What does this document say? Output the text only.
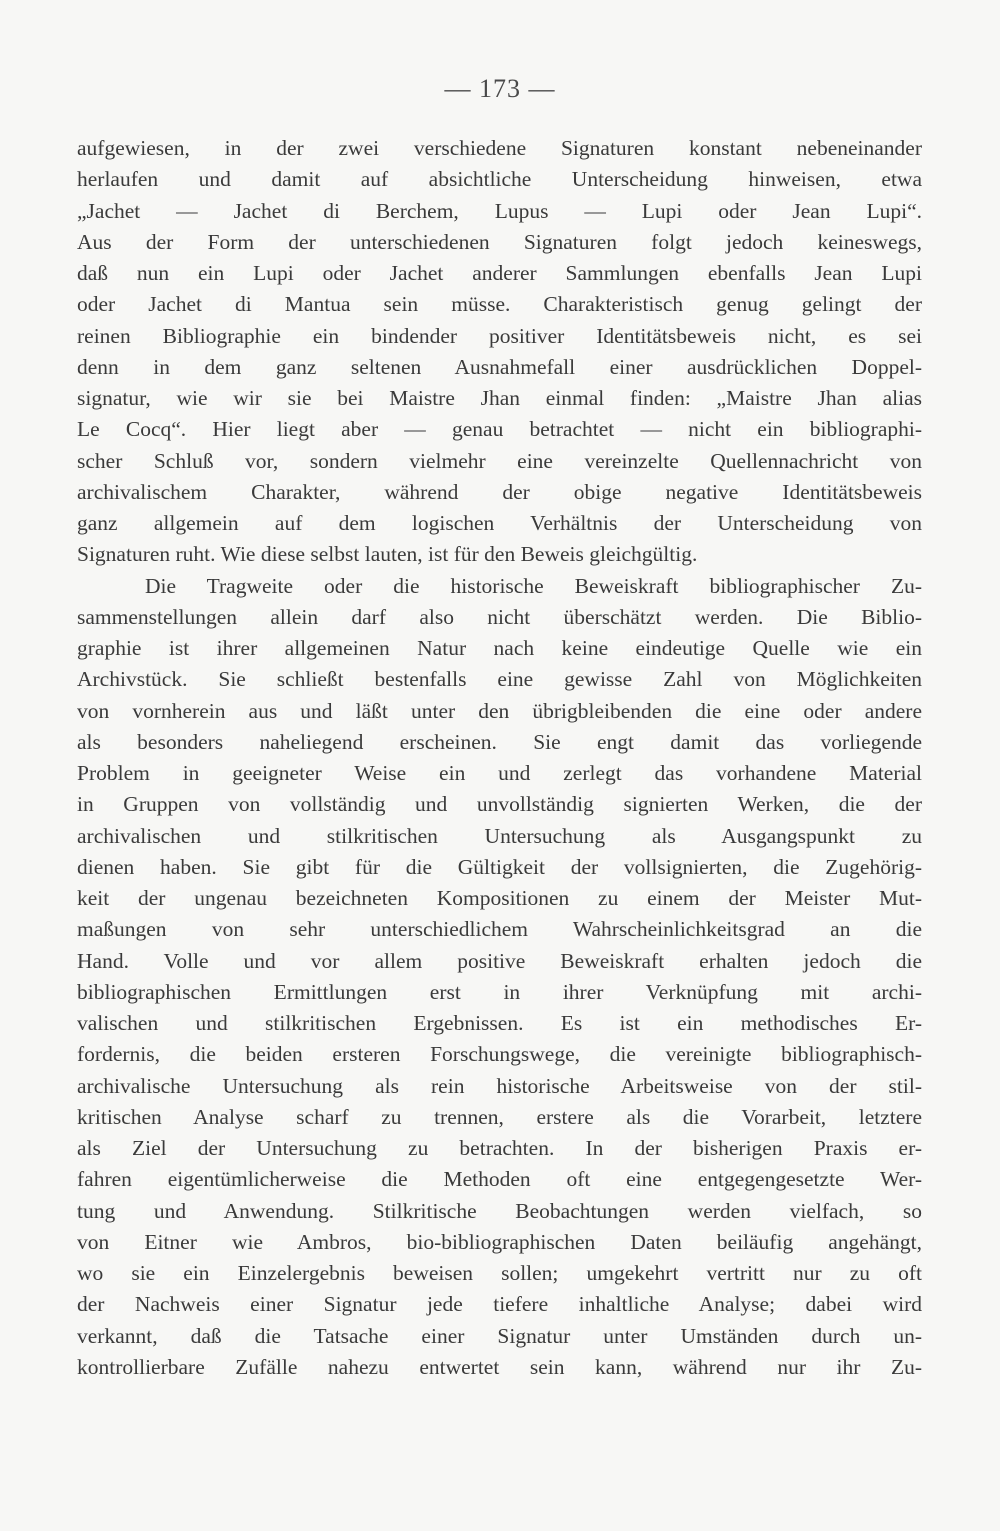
— 173 —
aufgewiesen, in der zwei verschiedene Signaturen konstant nebeneinander
herlaufen und damit auf absichtliche Unterscheidung hinweisen, etwa
„Jachet — Jachet di Berchem, Lupus — Lupi oder Jean Lupi“.
Aus der Form der unterschiedenen Signaturen folgt jedoch keineswegs,
daß nun ein Lupi oder Jachet anderer Sammlungen ebenfalls Jean Lupi
oder Jachet di Mantua sein müsse. Charakteristisch genug gelingt der
reinen Bibliographie ein bindender positiver Identitätsbeweis nicht, es sei
denn in dem ganz seltenen Ausnahmefall einer ausdrücklichen Doppel-
signatur, wie wir sie bei Maistre Jhan einmal finden: „Maistre Jhan alias
Le Cocq“. Hier liegt aber — genau betrachtet — nicht ein bibliographi-
scher Schluß vor, sondern vielmehr eine vereinzelte Quellennachricht von
archivalischem Charakter, während der obige negative Identitätsbeweis
ganz allgemein auf dem logischen Verhältnis der Unterscheidung von
Signaturen ruht. Wie diese selbst lauten, ist für den Beweis gleichgültig.
Die Tragweite oder die historische Beweiskraft bibliographischer Zu-
sammenstellungen allein darf also nicht überschätzt werden. Die Biblio-
graphie ist ihrer allgemeinen Natur nach keine eindeutige Quelle wie ein
Archivstück. Sie schließt bestenfalls eine gewisse Zahl von Möglichkeiten
von vornherein aus und läßt unter den übrigbleibenden die eine oder andere
als besonders naheliegend erscheinen. Sie engt damit das vorliegende
Problem in geeigneter Weise ein und zerlegt das vorhandene Material
in Gruppen von vollständig und unvollständig signierten Werken, die der
archivalischen und stilkritischen Untersuchung als Ausgangspunkt zu
dienen haben. Sie gibt für die Gültigkeit der vollsignierten, die Zugehörig-
keit der ungenau bezeichneten Kompositionen zu einem der Meister Mut-
maßungen von sehr unterschiedlichem Wahrscheinlichkeitsgrad an die
Hand. Volle und vor allem positive Beweiskraft erhalten jedoch die
bibliographischen Ermittlungen erst in ihrer Verknüpfung mit archi-
valischen und stilkritischen Ergebnissen. Es ist ein methodisches Er-
fordernis, die beiden ersteren Forschungswege, die vereinigte bibliographisch-
archivalische Untersuchung als rein historische Arbeitsweise von der stil-
kritischen Analyse scharf zu trennen, erstere als die Vorarbeit, letztere
als Ziel der Untersuchung zu betrachten. In der bisherigen Praxis er-
fahren eigentümlicherweise die Methoden oft eine entgegengesetzte Wer-
tung und Anwendung. Stilkritische Beobachtungen werden vielfach, so
von Eitner wie Ambros, bio-bibliographischen Daten beiläufig angehängt,
wo sie ein Einzelergebnis beweisen sollen; umgekehrt vertritt nur zu oft
der Nachweis einer Signatur jede tiefere inhaltliche Analyse; dabei wird
verkannt, daß die Tatsache einer Signatur unter Umständen durch un-
kontrollierbare Zufälle nahezu entwertet sein kann, während nur ihr Zu-
